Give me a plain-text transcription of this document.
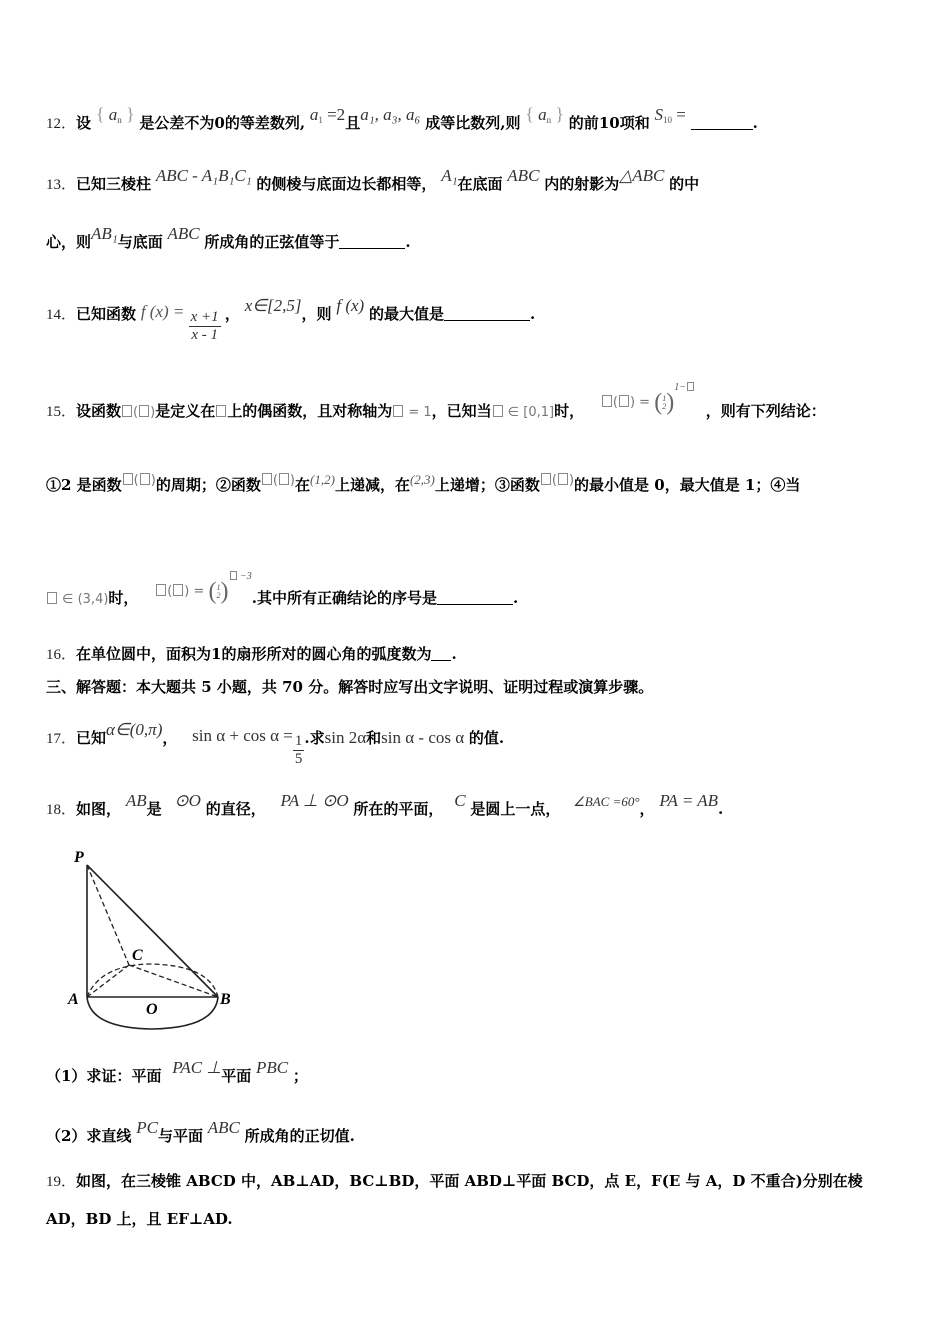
12．设 { $a_n$ } 是公差不为0的等差数列, $a_1 =2$且a₁, a₃, a₆ 成等比数列,则 { $a_n$ } 的前10项和 $S_{10}$ =	.
13．已知三棱柱 ABC - A₁B₁C₁ 的侧棱与底面边长都相等， A₁在底面 ABC 内的射影为△ABC 的中
心，则AB₁与底面 ABC 所成角的正弦值等于	.
14．已知函数 f $(x) = \frac{x +1}{x - 1}$ ， x∈[2,5]，则 f (x) 的最大值是	.
15．设函数 ( )是定义在 上的偶函数，且对称轴为 = 1，已知当 ∈ [0,1]时， ( ) = ( 1
2 )$^{1-}$ ，则有下列结论：
①2 是函数 ( )的周期；②函数 ( )在(1,2)上递减，在(2,3)上递增；③函数 ( )的最小值是 0，最大值是 1；④当
∈ (3,4)时， ( ) = ( 1
2 ) $^{-3}$.其中所有正确结论的序号是	.
16．在单位圆中，面积为1的扇形所对的圆心角的弧度数为 .
三、解答题：本大题共 5 小题，共 70 分。解答时应写出文字说明、证明过程或演算步骤。
17．已知α∈(0,π)， $\sin \alpha + \cos \alpha = \frac{1}{5}$ .求sin 2α和sin α - cos α 的值.
18．如图， AB是 ⊙O 的直径， PA ⊥ ⊙O 所在的平面， C 是圆上一点， ∠BAC =60°， PA = AB.
P
C
A
O
B
（1）求证：平面 PAC ⊥平面 PBC ；
（2）求直线 PC与平面 ABC 所成角的正切值.
19．如图，在三棱锥 ABCD 中，AB⊥AD，BC⊥BD，平面 ABD⊥平面 BCD，点 E，F(E 与 A，D 不重合)分别在棱
AD，BD 上，且 EF⊥AD.
